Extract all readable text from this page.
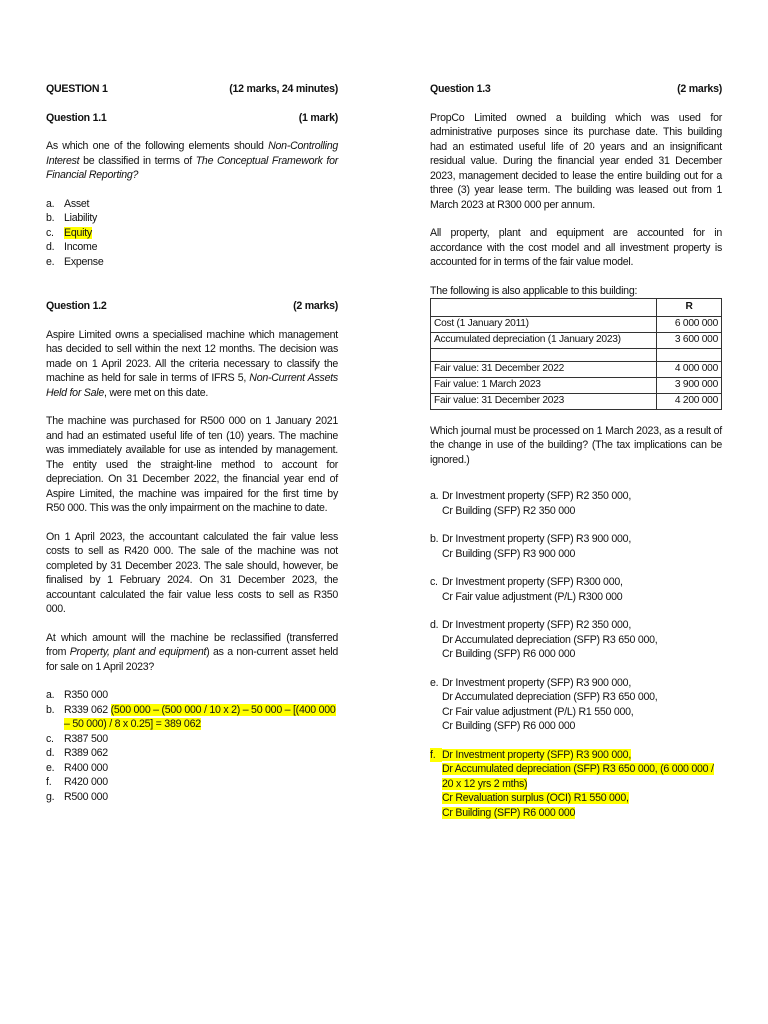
QUESTION 1	(12 marks, 24 minutes)
Question 1.1	(1 mark)

As which one of the following elements should Non-Controlling Interest be classified in terms of The Conceptual Framework for Financial Reporting?

a. Asset
b. Liability
c. Equity
d. Income
e. Expense
Question 1.2	(2 marks)

Aspire Limited owns a specialised machine which management has decided to sell within the next 12 months. The decision was made on 1 April 2023. All the criteria necessary to classify the machine as held for sale in terms of IFRS 5, Non-Current Assets Held for Sale, were met on this date.

The machine was purchased for R500 000 on 1 January 2021 and had an estimated useful life of ten (10) years. The machine was immediately available for use as intended by management. The entity used the straight-line method to account for depreciation. On 31 December 2022, the financial year end of Aspire Limited, the machine was impaired for the first time by R50 000. This was the only impairment on the machine to date.

On 1 April 2023, the accountant calculated the fair value less costs to sell as R420 000. The sale of the machine was not completed by 31 December 2023. The sale should, however, be finalised by 1 February 2024. On 31 December 2023, the accountant calculated the fair value less costs to sell as R350 000.

At which amount will the machine be reclassified (transferred from Property, plant and equipment) as a non-current asset held for sale on 1 April 2023?

a. R350 000
b. R339 062 (500 000 – (500 000 / 10 x 2) – 50 000 – [(400 000 – 50 000) / 8 x 0.25] = 389 062
c. R387 500
d. R389 062
e. R400 000
f.	R420 000
g. R500 000
Question 1.3	(2 marks)

PropCo Limited owned a building which was used for administrative purposes since its purchase date. This building had an estimated useful life of 20 years and an insignificant residual value. During the financial year ended 31 December 2023, management decided to lease the entire building out for a three (3) year lease term. The building was leased out from 1 March 2023 at R300 000 per annum.

All property, plant and equipment are accounted for in accordance with the cost model and all investment property is accounted for in terms of the fair value model.

The following is also applicable to this building:

	R
Cost (1 January 2011)	6 000 000
Accumulated depreciation (1 January 2023)	3 600 000

Fair value: 31 December 2022	4 000 000
Fair value: 1 March 2023	3 900 000
Fair value: 31 December 2023	4 200 000

Which journal must be processed on 1 March 2023, as a result of the change in use of the building? (The tax implications can be ignored.)

a. Dr Investment property (SFP) R2 350 000,
Cr Building (SFP) R2 350 000
b. Dr Investment property (SFP) R3 900 000,
Cr Building (SFP) R3 900 000
c. Dr Investment property (SFP) R300 000,
Cr Fair value adjustment (P/L) R300 000
d. Dr Investment property (SFP) R2 350 000,
Dr Accumulated depreciation (SFP) R3 650 000,
Cr Building (SFP) R6 000 000
e. Dr Investment property (SFP) R3 900 000,
Dr Accumulated depreciation (SFP) R3 650 000,
Cr Fair value adjustment (P/L) R1 550 000,
Cr Building (SFP) R6 000 000
f. Dr Investment property (SFP) R3 900 000,
Dr Accumulated depreciation (SFP) R3 650 000, (6 000 000 / 20 x 12 yrs 2 mths)
Cr Revaluation surplus (OCI) R1 550 000,
Cr Building (SFP) R6 000 000
